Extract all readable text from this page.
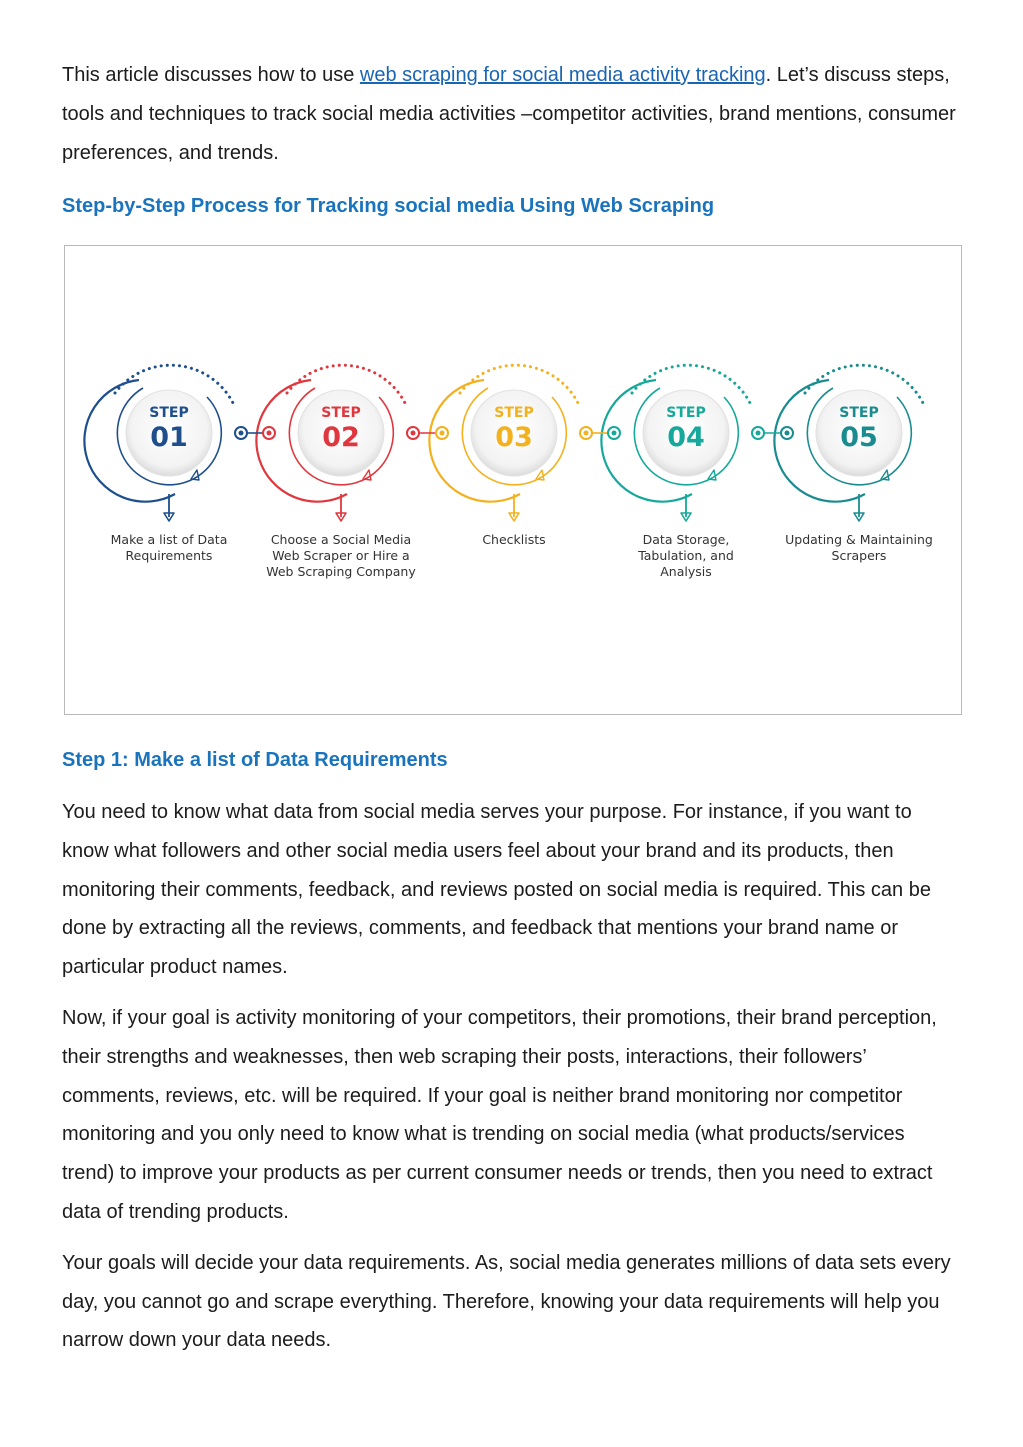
This article discusses how to use web scraping for social media activity tracking. Let’s discuss steps, tools and techniques to track social media activities –competitor activities, brand mentions, consumer preferences, and trends.

Step-by-Step Process for Tracking social media Using Web Scraping
STEP
01
STEP
02
STEP
03
STEP
04
STEP
05
Make a list of Data Requirements
Choose a Social Media Web Scraper or Hire a Web Scraping Company
Checklists	Data Storage, Tabulation, and Analysis
Updating & Maintaining Scrapers
Step 1: Make a list of Data Requirements

You need to know what data from social media serves your purpose. For instance, if you want to know what followers and other social media users feel about your brand and its products, then monitoring their comments, feedback, and reviews posted on social media is required. This can be done by extracting all the reviews, comments, and feedback that mentions your brand name or particular product names.

Now, if your goal is activity monitoring of your competitors, their promotions, their brand perception, their strengths and weaknesses, then web scraping their posts, interactions, their followers’ comments, reviews, etc. will be required. If your goal is neither brand monitoring nor competitor monitoring and you only need to know what is trending on social media (what products/services trend) to improve your products as per current consumer needs or trends, then you need to extract data of trending products.

Your goals will decide your data requirements. As, social media generates millions of data sets every day, you cannot go and scrape everything. Therefore, knowing your data requirements will help you narrow down your data needs.
